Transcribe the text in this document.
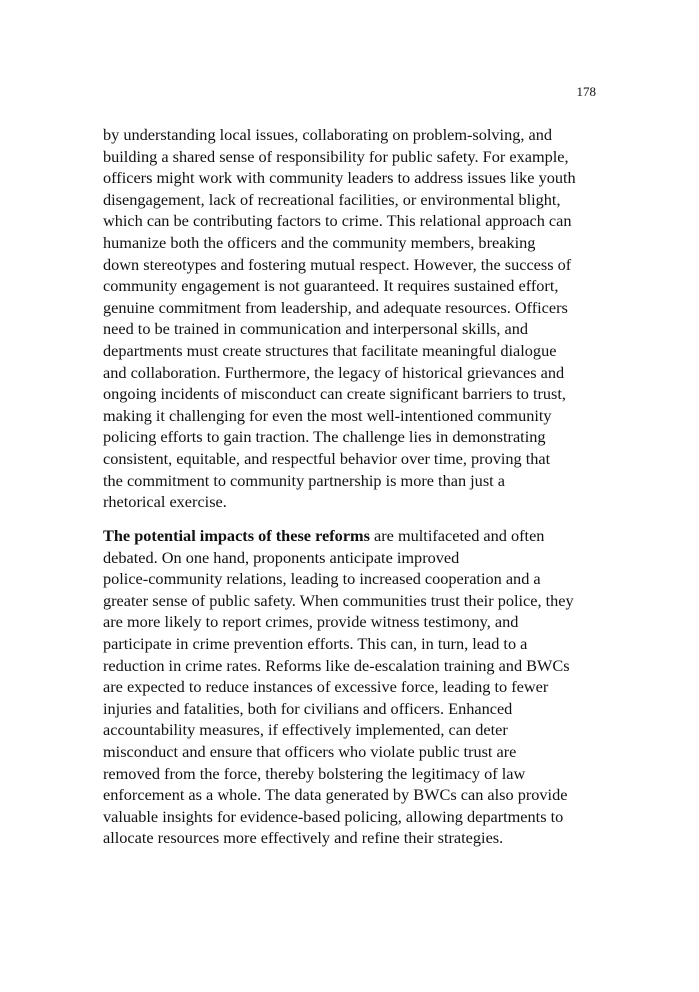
178
by understanding local issues, collaborating on problem-solving, and
building a shared sense of responsibility for public safety. For example,
officers might work with community leaders to address issues like youth
disengagement, lack of recreational facilities, or environmental blight,
which can be contributing factors to crime. This relational approach can
humanize both the officers and the community members, breaking
down stereotypes and fostering mutual respect. However, the success of
community engagement is not guaranteed. It requires sustained effort,
genuine commitment from leadership, and adequate resources. Officers
need to be trained in communication and interpersonal skills, and
departments must create structures that facilitate meaningful dialogue
and collaboration. Furthermore, the legacy of historical grievances and
ongoing incidents of misconduct can create significant barriers to trust,
making it challenging for even the most well-intentioned community
policing efforts to gain traction. The challenge lies in demonstrating
consistent, equitable, and respectful behavior over time, proving that
the commitment to community partnership is more than just a
rhetorical exercise.
The potential impacts of these reforms are multifaceted and often
debated. On one hand, proponents anticipate improved
police-community relations, leading to increased cooperation and a
greater sense of public safety. When communities trust their police, they
are more likely to report crimes, provide witness testimony, and
participate in crime prevention efforts. This can, in turn, lead to a
reduction in crime rates. Reforms like de-escalation training and BWCs
are expected to reduce instances of excessive force, leading to fewer
injuries and fatalities, both for civilians and officers. Enhanced
accountability measures, if effectively implemented, can deter
misconduct and ensure that officers who violate public trust are
removed from the force, thereby bolstering the legitimacy of law
enforcement as a whole. The data generated by BWCs can also provide
valuable insights for evidence-based policing, allowing departments to
allocate resources more effectively and refine their strategies.
